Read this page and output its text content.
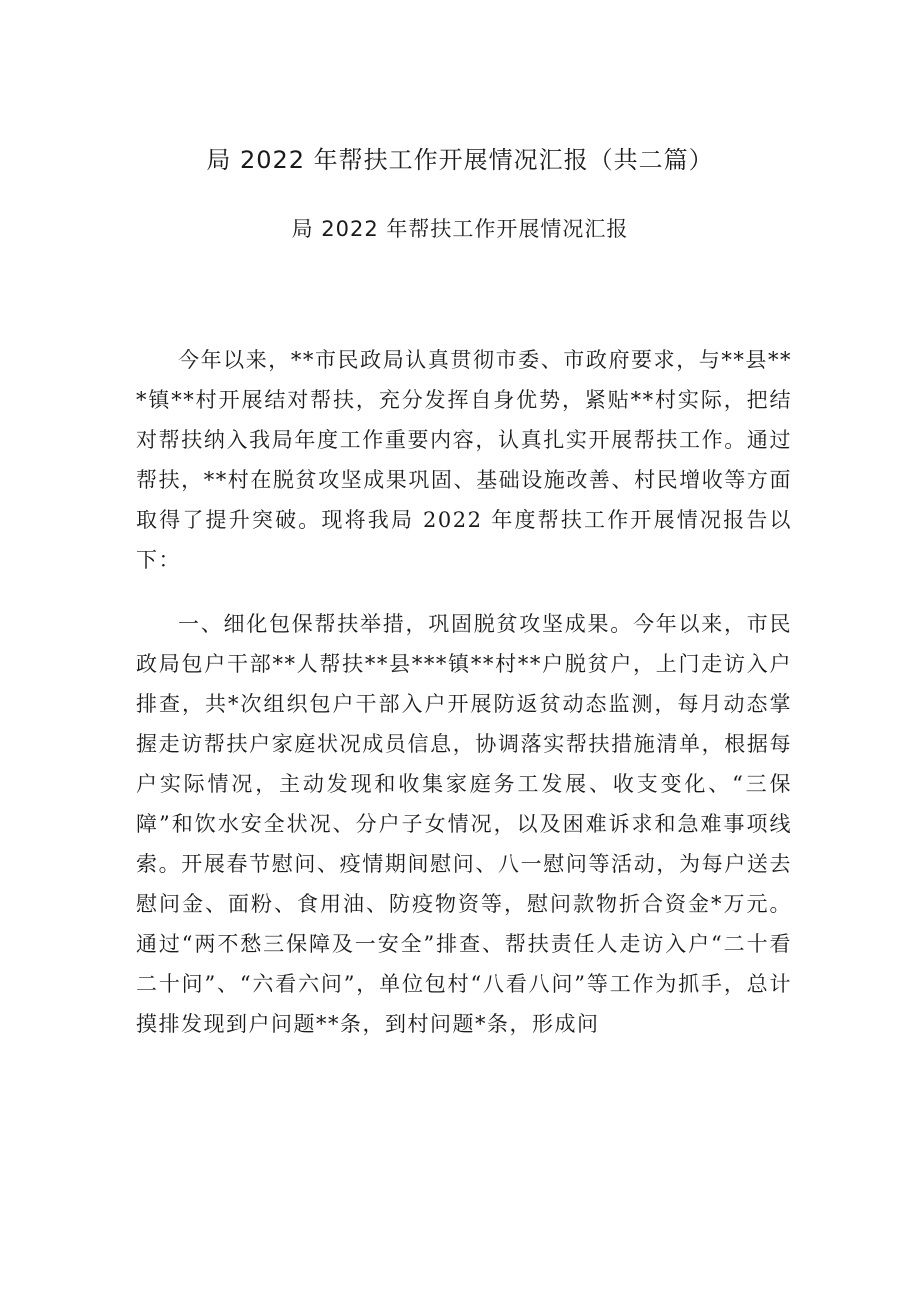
局 2022 年帮扶工作开展情况汇报（共二篇）
局 2022 年帮扶工作开展情况汇报

今年以来，**市民政局认真贯彻市委、市政府要求，与**县***镇**村开展结对帮扶，充分发挥自身优势，紧贴**村实际，把结对帮扶纳入我局年度工作重要内容，认真扎实开展帮扶工作。通过帮扶，**村在脱贫攻坚成果巩固、基础设施改善、村民增收等方面取得了提升突破。现将我局 2022 年度帮扶工作开展情况报告以下：

一、细化包保帮扶举措，巩固脱贫攻坚成果。今年以来，市民政局包户干部**人帮扶**县***镇**村**户脱贫户，上门走访入户排查，共*次组织包户干部入户开展防返贫动态监测，每月动态掌握走访帮扶户家庭状况成员信息，协调落实帮扶措施清单，根据每户实际情况，主动发现和收集家庭务工发展、收支变化、“三保障”和饮水安全状况、分户子女情况，以及困难诉求和急难事项线索。开展春节慰问、疫情期间慰问、八一慰问等活动，为每户送去慰问金、面粉、食用油、防疫物资等，慰问款物折合资金*万元。通过“两不愁三保障及一安全”排查、帮扶责任人走访入户“二十看二十问”、“六看六问”，单位包村“八看八问”等工作为抓手，总计摸排发现到户问题**条，到村问题*条，形成问
